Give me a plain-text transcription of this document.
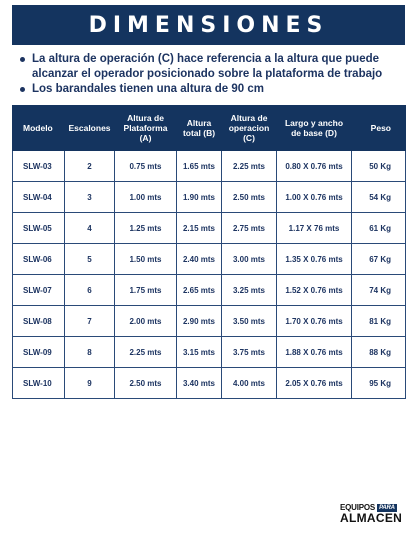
DIMENSIONES
La altura de operación (C) hace referencia a la altura que puede alcanzar el operador posicionado sobre la plataforma de trabajo
Los barandales tienen una altura de 90 cm
Modelo	Escalones	Altura de Plataforma (A)	Altura total (B)	Altura de operacion (C)	Largo y ancho de base (D)	Peso
SLW-03	2	0.75 mts	1.65 mts	2.25 mts	0.80 X 0.76 mts	50 Kg
SLW-04	3	1.00 mts	1.90 mts	2.50 mts	1.00 X 0.76 mts	54 Kg
SLW-05	4	1.25 mts	2.15 mts	2.75 mts	1.17 X 76 mts	61 Kg
SLW-06	5	1.50 mts	2.40 mts	3.00 mts	1.35 X 0.76 mts	67 Kg
SLW-07	6	1.75 mts	2.65 mts	3.25 mts	1.52 X 0.76 mts	74 Kg
SLW-08	7	2.00 mts	2.90 mts	3.50 mts	1.70 X 0.76 mts	81 Kg
SLW-09	8	2.25 mts	3.15 mts	3.75 mts	1.88 X 0.76 mts	88 Kg
SLW-10	9	2.50 mts	3.40 mts	4.00 mts	2.05 X 0.76 mts	95 Kg
EQUIPOS PARA
ALMACEN
